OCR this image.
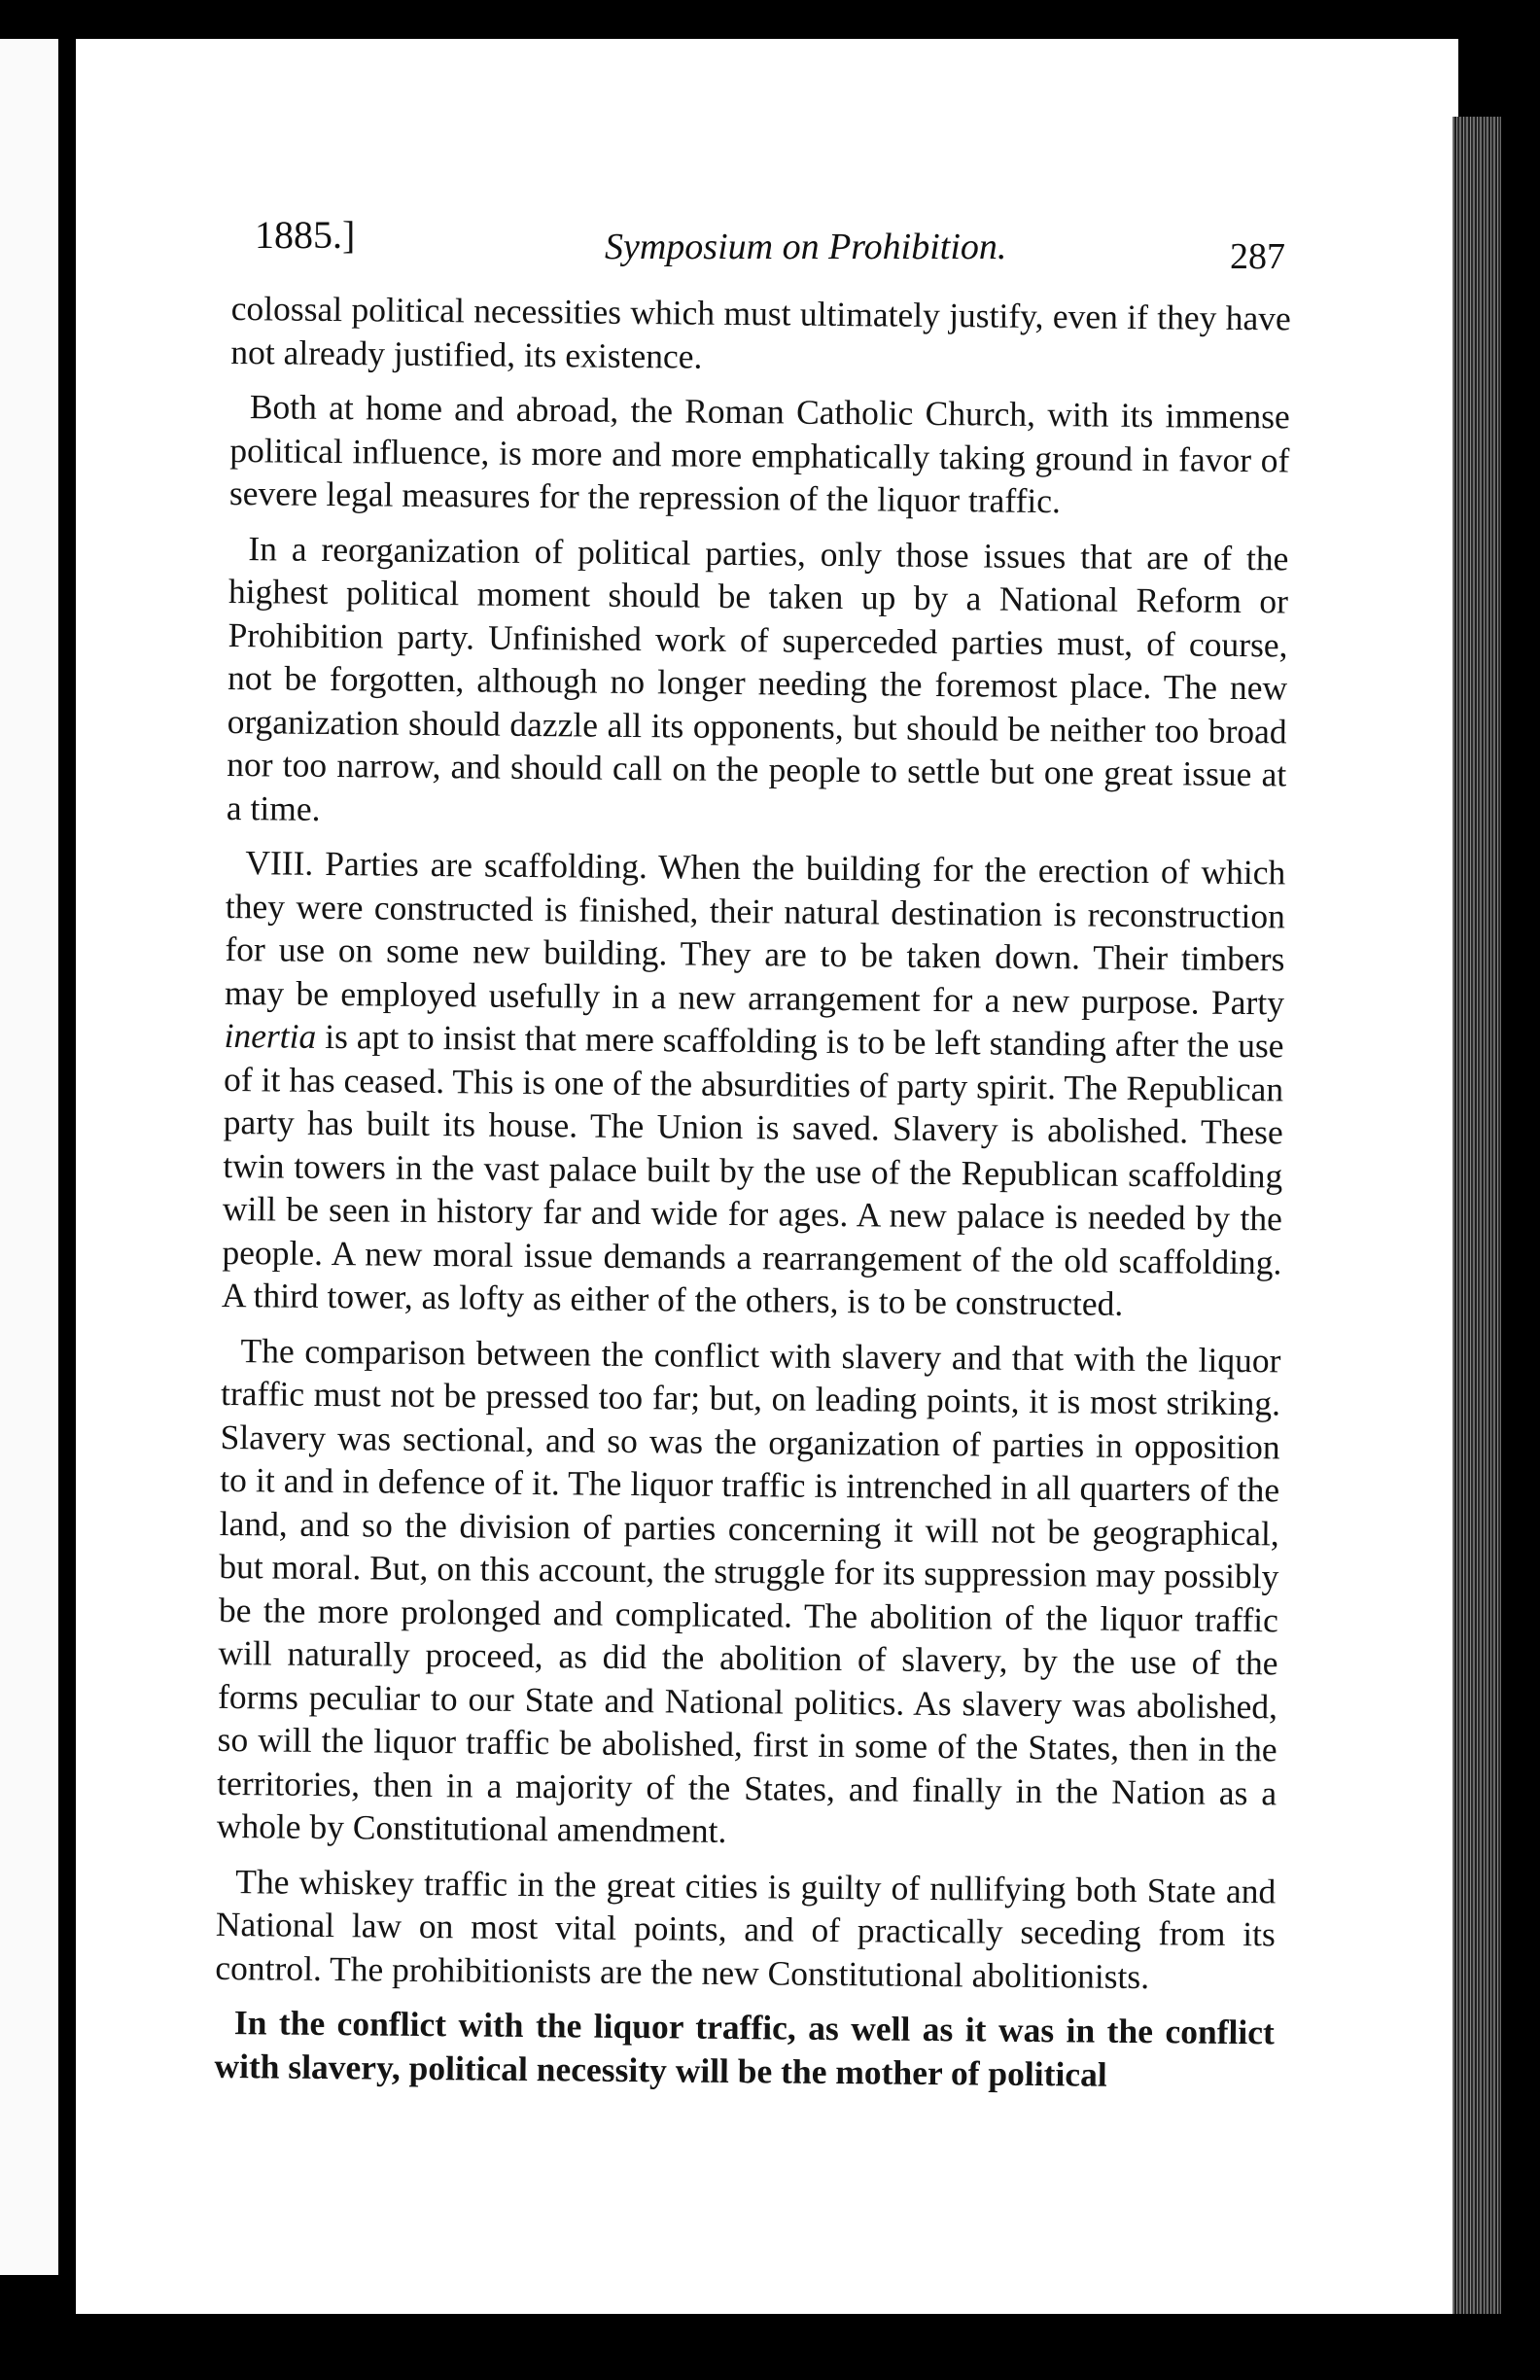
1885.]	Symposium on Prohibition.	287

colossal political necessities which must ultimately justify, even if they have not already justified, its existence.

Both at home and abroad, the Roman Catholic Church, with its immense political influence, is more and more emphatically taking ground in favor of severe legal measures for the repression of the liquor traffic.

In a reorganization of political parties, only those issues that are of the highest political moment should be taken up by a National Reform or Prohibition party. Unfinished work of superceded parties must, of course, not be forgotten, although no longer needing the foremost place. The new organization should dazzle all its opponents, but should be neither too broad nor too narrow, and should call on the people to settle but one great issue at a time.

VIII. Parties are scaffolding. When the building for the erection of which they were constructed is finished, their natural destination is reconstruction for use on some new building. They are to be taken down. Their timbers may be employed usefully in a new arrangement for a new purpose. Party inertia is apt to insist that mere scaffolding is to be left standing after the use of it has ceased. This is one of the absurdities of party spirit. The Republican party has built its house. The Union is saved. Slavery is abolished. These twin towers in the vast palace built by the use of the Republican scaffolding will be seen in history far and wide for ages. A new palace is needed by the people. A new moral issue demands a rearrangement of the old scaffolding. A third tower, as lofty as either of the others, is to be constructed.

The comparison between the conflict with slavery and that with the liquor traffic must not be pressed too far; but, on leading points, it is most striking. Slavery was sectional, and so was the organization of parties in opposition to it and in defence of it. The liquor traffic is intrenched in all quarters of the land, and so the division of parties concerning it will not be geographical, but moral. But, on this account, the struggle for its suppression may possibly be the more prolonged and complicated. The abolition of the liquor traffic will naturally proceed, as did the abolition of slavery, by the use of the forms peculiar to our State and National politics. As slavery was abolished, so will the liquor traffic be abolished, first in some of the States, then in the territories, then in a majority of the States, and finally in the Nation as a whole by Constitutional amendment.

The whiskey traffic in the great cities is guilty of nullifying both State and National law on most vital points, and of practically seceding from its control. The prohibitionists are the new Constitutional abolitionists.

In the conflict with the liquor traffic, as well as it was in the conflict with slavery, political necessity will be the mother of political
